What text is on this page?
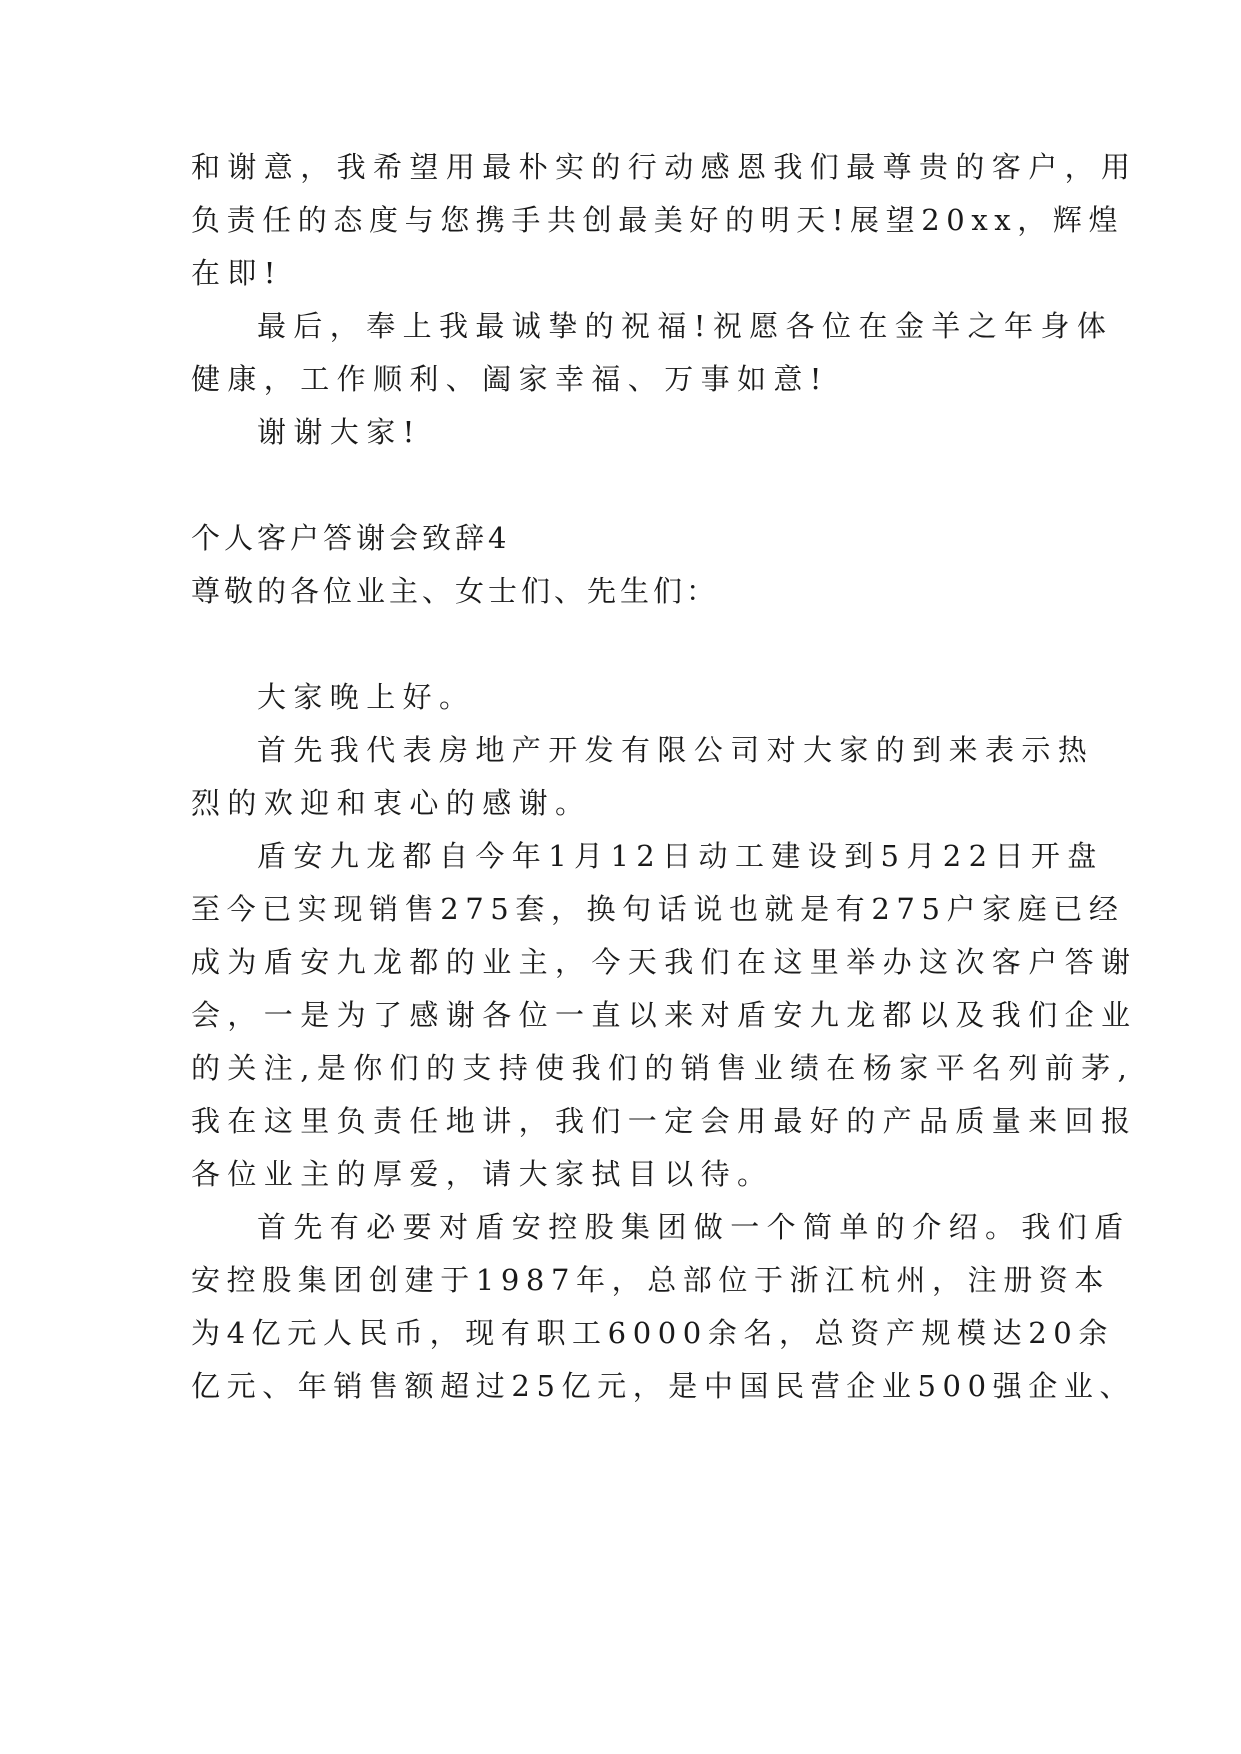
和谢意，我希望用最朴实的行动感恩我们最尊贵的客户，用
负责任的态度与您携手共创最美好的明天!展望20xx，辉煌
在即!
最后，奉上我最诚挚的祝福!祝愿各位在金羊之年身体
健康，工作顺利、阖家幸福、万事如意!
谢谢大家!
个人客户答谢会致辞4
尊敬的各位业主、女士们、先生们：
大家晚上好。
首先我代表房地产开发有限公司对大家的到来表示热
烈的欢迎和衷心的感谢。
盾安九龙都自今年1月12日动工建设到5月22日开盘
至今已实现销售275套，换句话说也就是有275户家庭已经
成为盾安九龙都的业主，今天我们在这里举办这次客户答谢
会，一是为了感谢各位一直以来对盾安九龙都以及我们企业
的关注,是你们的支持使我们的销售业绩在杨家平名列前茅,
我在这里负责任地讲，我们一定会用最好的产品质量来回报
各位业主的厚爱，请大家拭目以待。
首先有必要对盾安控股集团做一个简单的介绍。我们盾
安控股集团创建于1987年，总部位于浙江杭州，注册资本
为4亿元人民币，现有职工6000余名，总资产规模达20余
亿元、年销售额超过25亿元，是中国民营企业500强企业、
